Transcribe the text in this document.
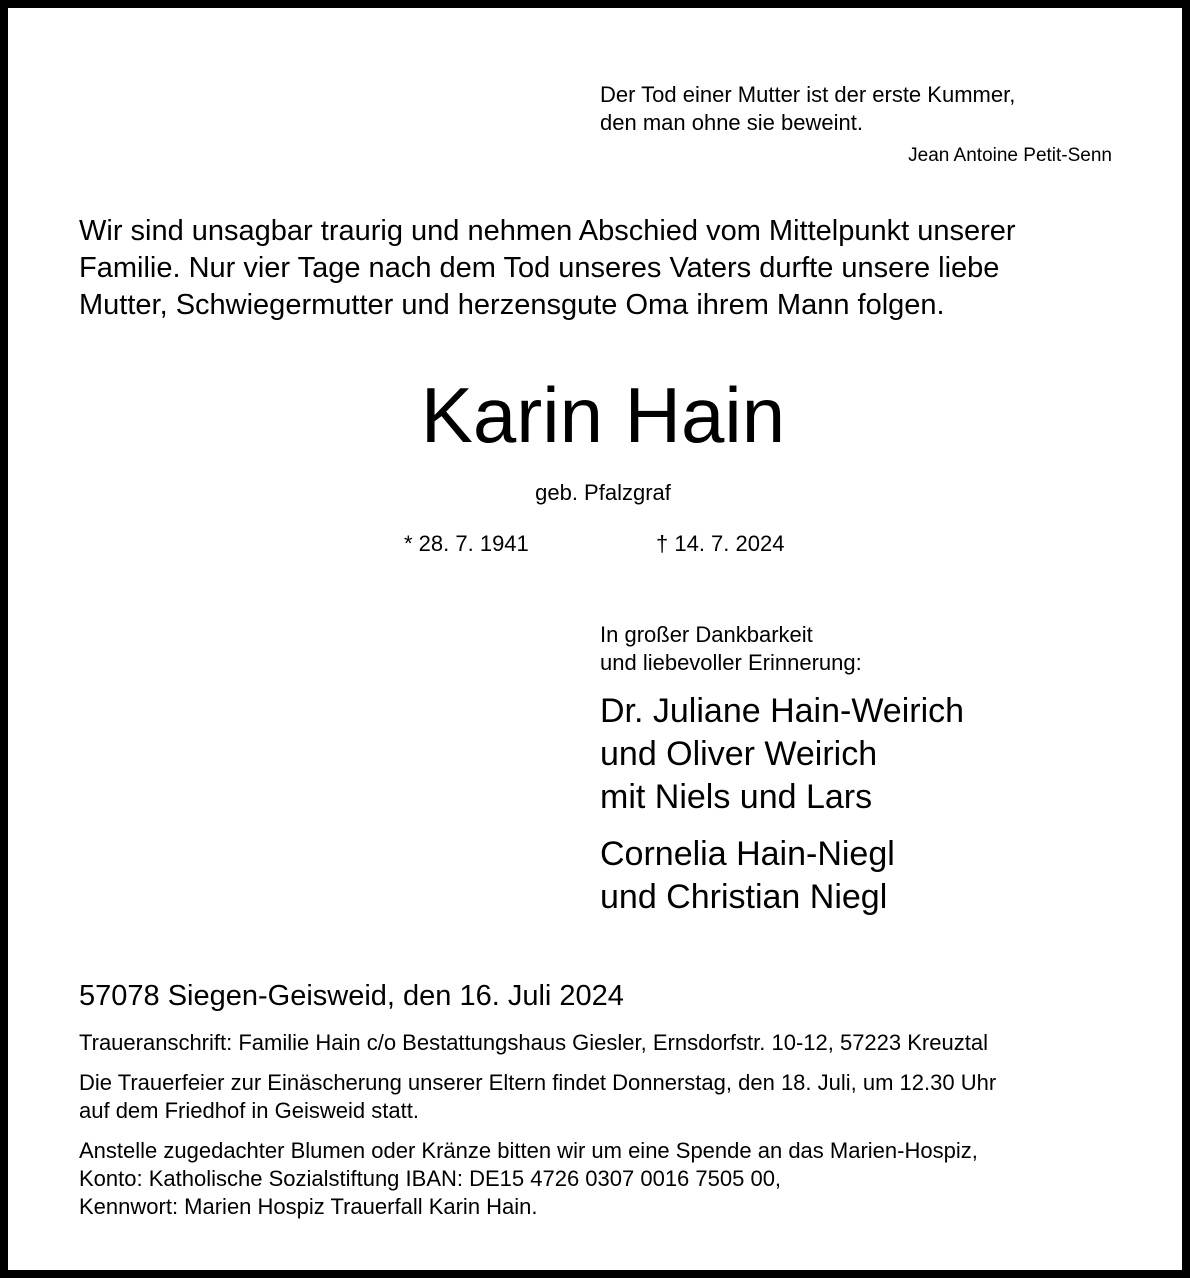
Der Tod einer Mutter ist der erste Kummer,
den man ohne sie beweint.
Jean Antoine Petit-Senn
Wir sind unsagbar traurig und nehmen Abschied vom Mittelpunkt unserer
Familie. Nur vier Tage nach dem Tod unseres Vaters durfte unsere liebe
Mutter, Schwiegermutter und herzensgute Oma ihrem Mann folgen.
Karin Hain
geb. Pfalzgraf
* 28. 7. 1941	† 14. 7. 2024
In großer Dankbarkeit
und liebevoller Erinnerung:
Dr. Juliane Hain-Weirich
und Oliver Weirich
mit Niels und Lars
Cornelia Hain-Niegl
und Christian Niegl
57078 Siegen-Geisweid, den 16. Juli 2024
Traueranschrift: Familie Hain c/o Bestattungshaus Giesler, Ernsdorfstr. 10-12, 57223 Kreuztal
Die Trauerfeier zur Einäscherung unserer Eltern findet Donnerstag, den 18. Juli, um 12.30 Uhr
auf dem Friedhof in Geisweid statt.
Anstelle zugedachter Blumen oder Kränze bitten wir um eine Spende an das Marien-Hospiz,
Konto: Katholische Sozialstiftung IBAN: DE15 4726 0307 0016 7505 00,
Kennwort: Marien Hospiz Trauerfall Karin Hain.
